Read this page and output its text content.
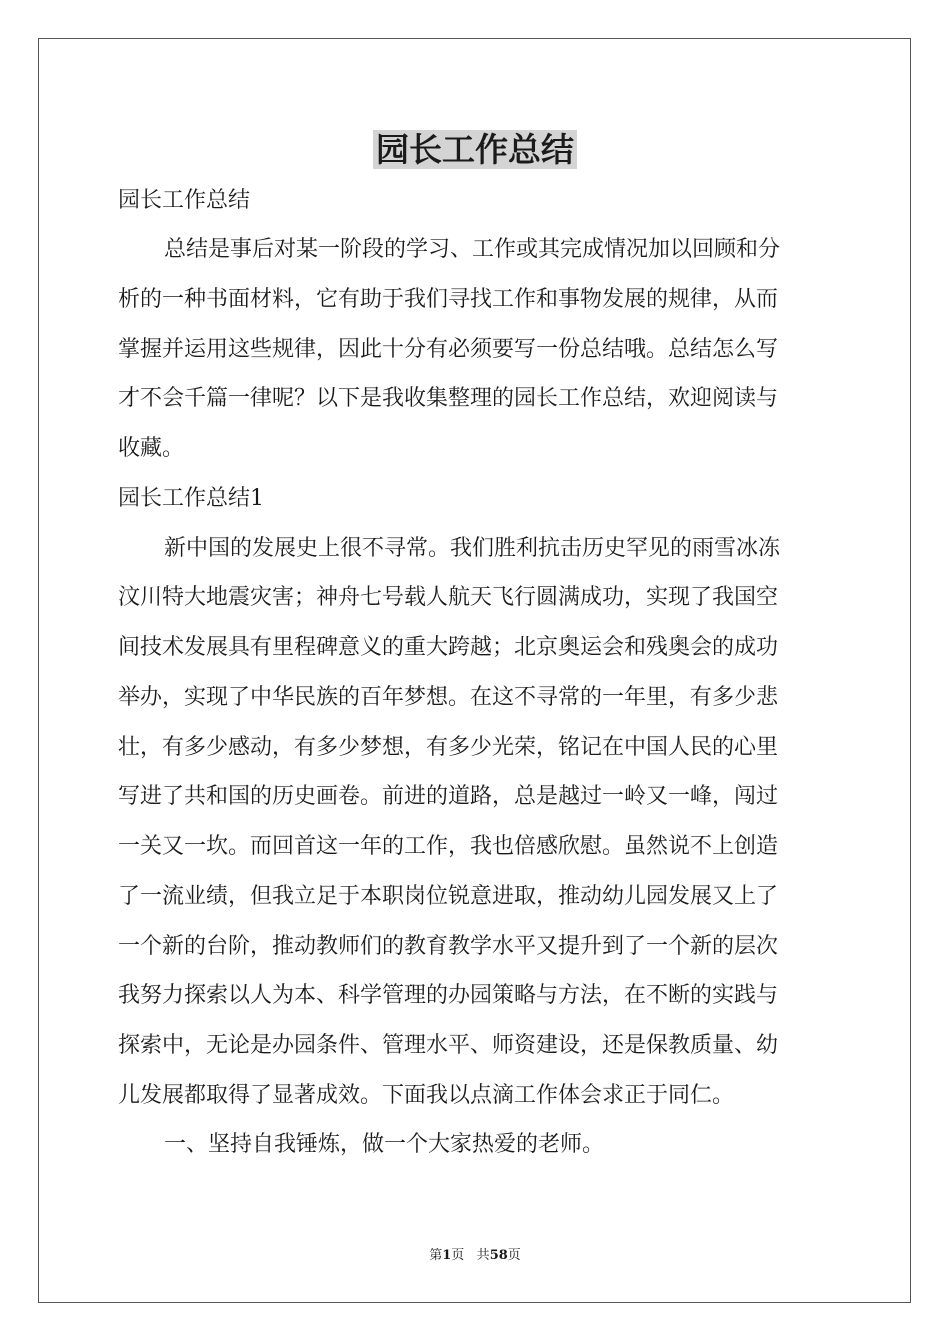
园长工作总结

园长工作总结

总结是事后对某一阶段的学习、工作或其完成情况加以回顾和分

析的一种书面材料，它有助于我们寻找工作和事物发展的规律，从而

掌握并运用这些规律，因此十分有必须要写一份总结哦。总结怎么写

才不会千篇一律呢？以下是我收集整理的园长工作总结，欢迎阅读与

收藏。

园长工作总结1

新中国的发展史上很不寻常。我们胜利抗击历史罕见的雨雪冰冻

汶川特大地震灾害；神舟七号载人航天飞行圆满成功，实现了我国空

间技术发展具有里程碑意义的重大跨越；北京奥运会和残奥会的成功

举办，实现了中华民族的百年梦想。在这不寻常的一年里，有多少悲

壮，有多少感动，有多少梦想，有多少光荣，铭记在中国人民的心里

写进了共和国的历史画卷。前进的道路，总是越过一岭又一峰，闯过

一关又一坎。而回首这一年的工作，我也倍感欣慰。虽然说不上创造

了一流业绩，但我立足于本职岗位锐意进取，推动幼儿园发展又上了

一个新的台阶，推动教师们的教育教学水平又提升到了一个新的层次

我努力探索以人为本、科学管理的办园策略与方法，在不断的实践与

探索中，无论是办园条件、管理水平、师资建设，还是保教质量、幼

儿发展都取得了显著成效。下面我以点滴工作体会求正于同仁。

一、坚持自我锤炼，做一个大家热爱的老师。

第1页 共58页
